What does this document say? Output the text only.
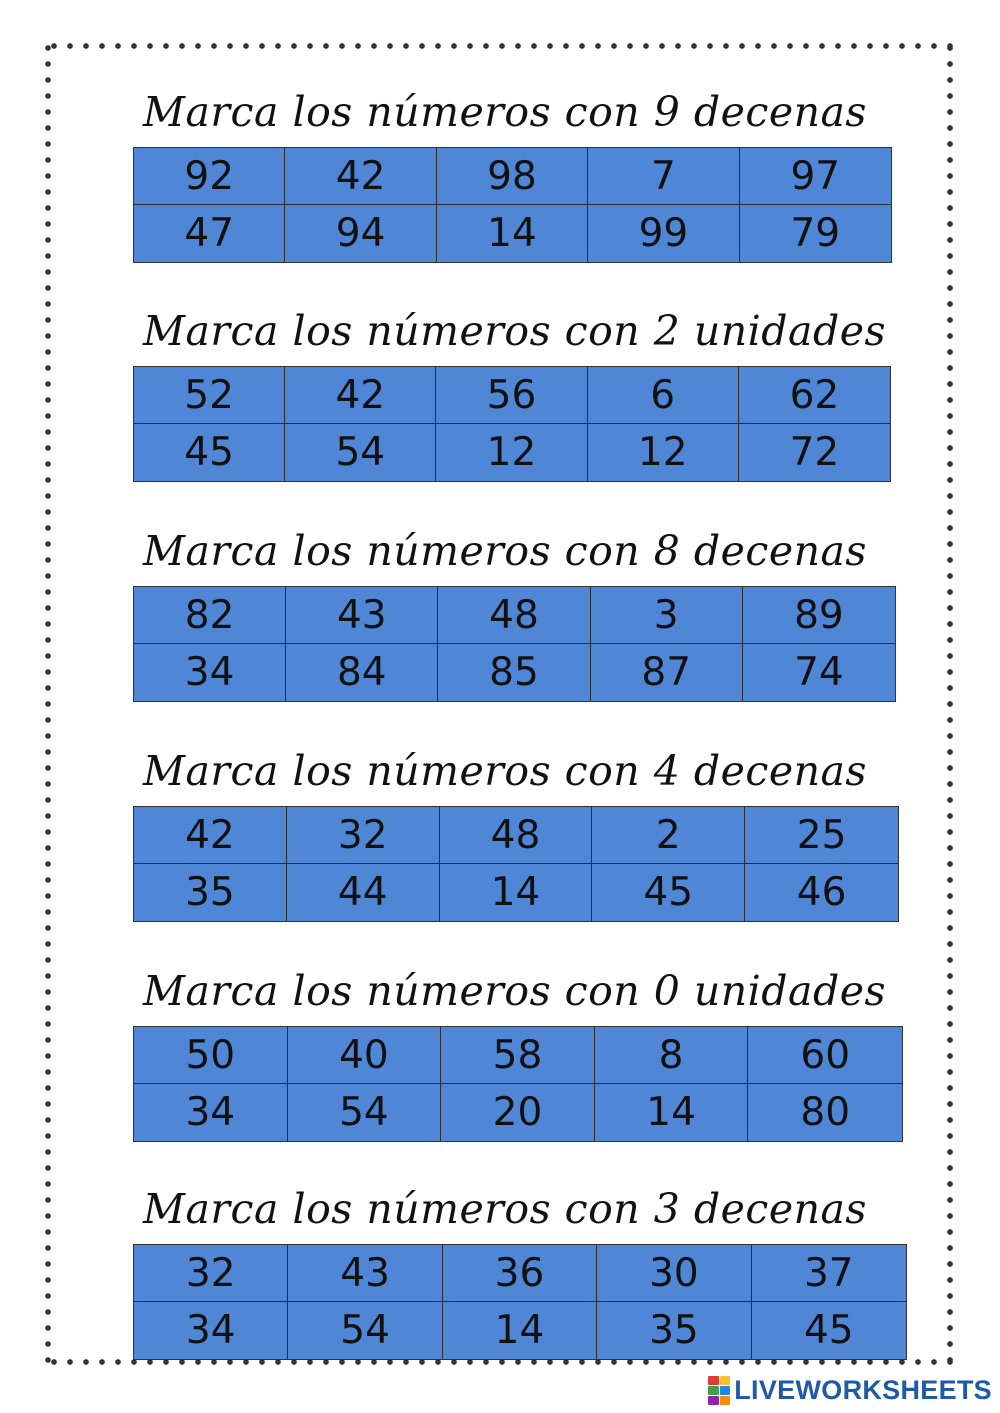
Marca los números con 9 decenas
92	42	98	7	97
47	94	14	99	79
Marca los números con 2 unidades
52	42	56	6	62
45	54	12	12	72
Marca los números con 8 decenas
82	43	48	3	89
34	84	85	87	74
Marca los números con 4 decenas
42	32	48	2	25
35	44	14	45	46
Marca los números con 0 unidades
50	40	58	8	60
34	54	20	14	80
Marca los números con 3 decenas
32	43	36	30	37
34	54	14	35	45
LIVEWORKSHEETS
